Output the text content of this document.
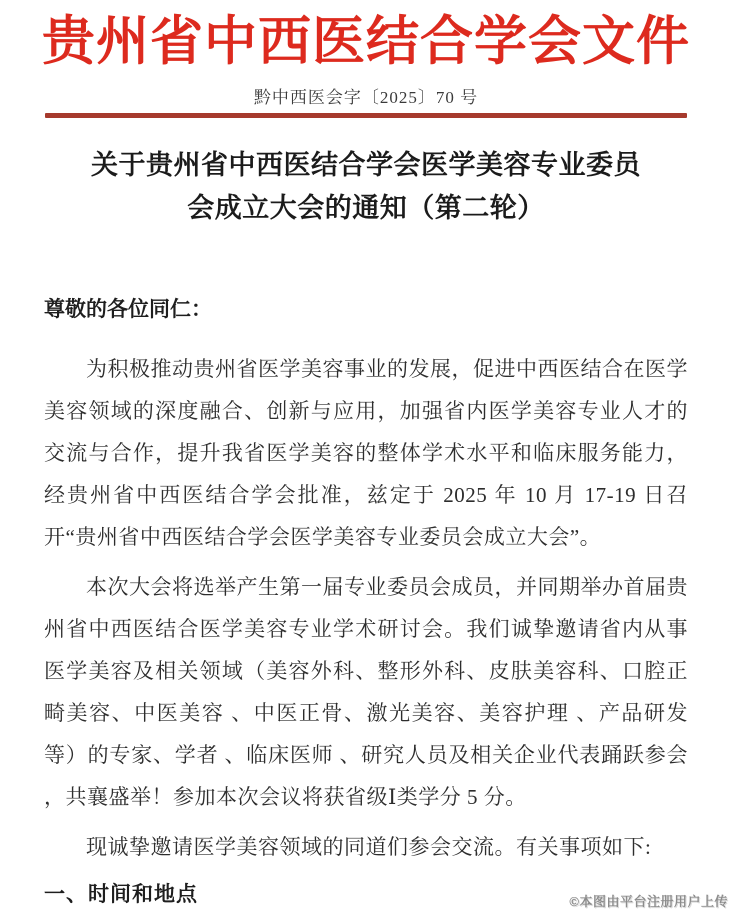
贵州省中西医结合学会文件
黔中西医会字〔2025〕70 号
关于贵州省中西医结合学会医学美容专业委员会成立大会的通知（第二轮）
尊敬的各位同仁：

为积极推动贵州省医学美容事业的发展，促进中西医结合在医学美容领域的深度融合、创新与应用，加强省内医学美容专业人才的交流与合作，提升我省医学美容的整体学术水平和临床服务能力，经贵州省中西医结合学会批准，兹定于 2025 年 10 月 17-19 日召开“贵州省中西医结合学会医学美容专业委员会成立大会”。

本次大会将选举产生第一届专业委员会成员，并同期举办首届贵州省中西医结合医学美容专业学术研讨会。我们诚挚邀请省内从事医学美容及相关领域（美容外科、整形外科、皮肤美容科、口腔正畸美容、中医美容 、中医正骨、激光美容、美容护理 、产品研发等）的专家、学者 、临床医师 、研究人员及相关企业代表踊跃参会 ，共襄盛举！参加本次会议将获省级Ⅰ类学分 5 分。

现诚挚邀请医学美容领域的同道们参会交流。有关事项如下:

一、时间和地点	©本图由平台注册用户上传
